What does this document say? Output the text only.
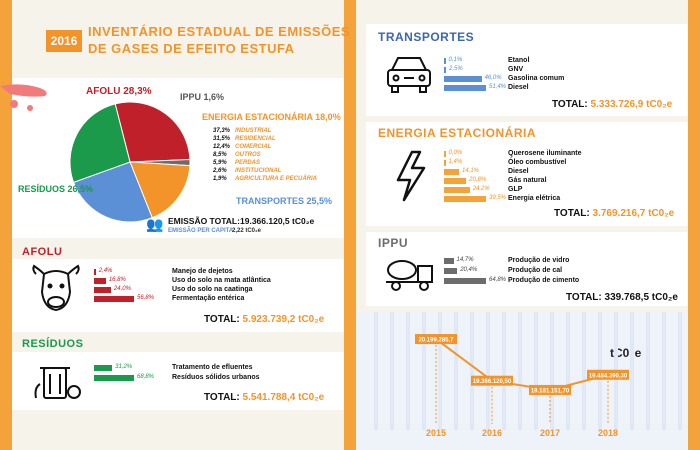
2016
INVENTÁRIO ESTADUAL DE EMISSÕES
DE GASES DE EFEITO ESTUFA
AFOLU 28,3%	IPPU 1,6%
ENERGIA ESTACIONÁRIA 18,0%
RESÍDUOS 26,5%
TRANSPORTES 25,5%
37,3% INDUSTRIAL
31,5% RESIDENCIAL
12,4% COMERCIAL
8,5% OUTROS
5,9% PERDAS
2,6% INSTITUCIONAL
1,9% AGRICULTURA E PECUÁRIA
👥 EMISSÃO TOTAL: 19.366.120,5 tC0₂e
EMISSÃO PER CAPITA:
2,22 tC0₂e
AFOLU
2,4%	Manejo de dejetos
16,8%	Uso do solo na mata atlântica
24,0%	Uso do solo na caatinga
56,8%	Fermentação entérica
TOTAL: 5.923.739,2 tC0₂e
RESÍDUOS
31,2%	Tratamento de efluentes
68,8%	Resíduos sólidos urbanos
TOTAL: 5.541.788,4 tC0₂e
TRANSPORTES
0,1%	Etanol
2,5%	GNV
46,0% Gasolina comum
51,4% Diesel
TOTAL: 5.333.726,9 tC0₂e
ENERGIA ESTACIONÁRIA
0,0%	Querosene iluminante
1,4%	Óleo combustível
14,1%	Diesel
20,8%	Gás natural
24,2%	GLP
39,5% Energia elétrica
TOTAL: 3.769.216,7 tC0₂e
IPPU
14,7%	Produção de vidro
20,4%	Produção de cal
64,8% Produção de cimento
TOTAL: 339.768,5 tC0₂e
tC0₂e
20.199.285,7
2015
19.366.120,50
2016
19.181.151,70
2017
19.484.390,30
2018
